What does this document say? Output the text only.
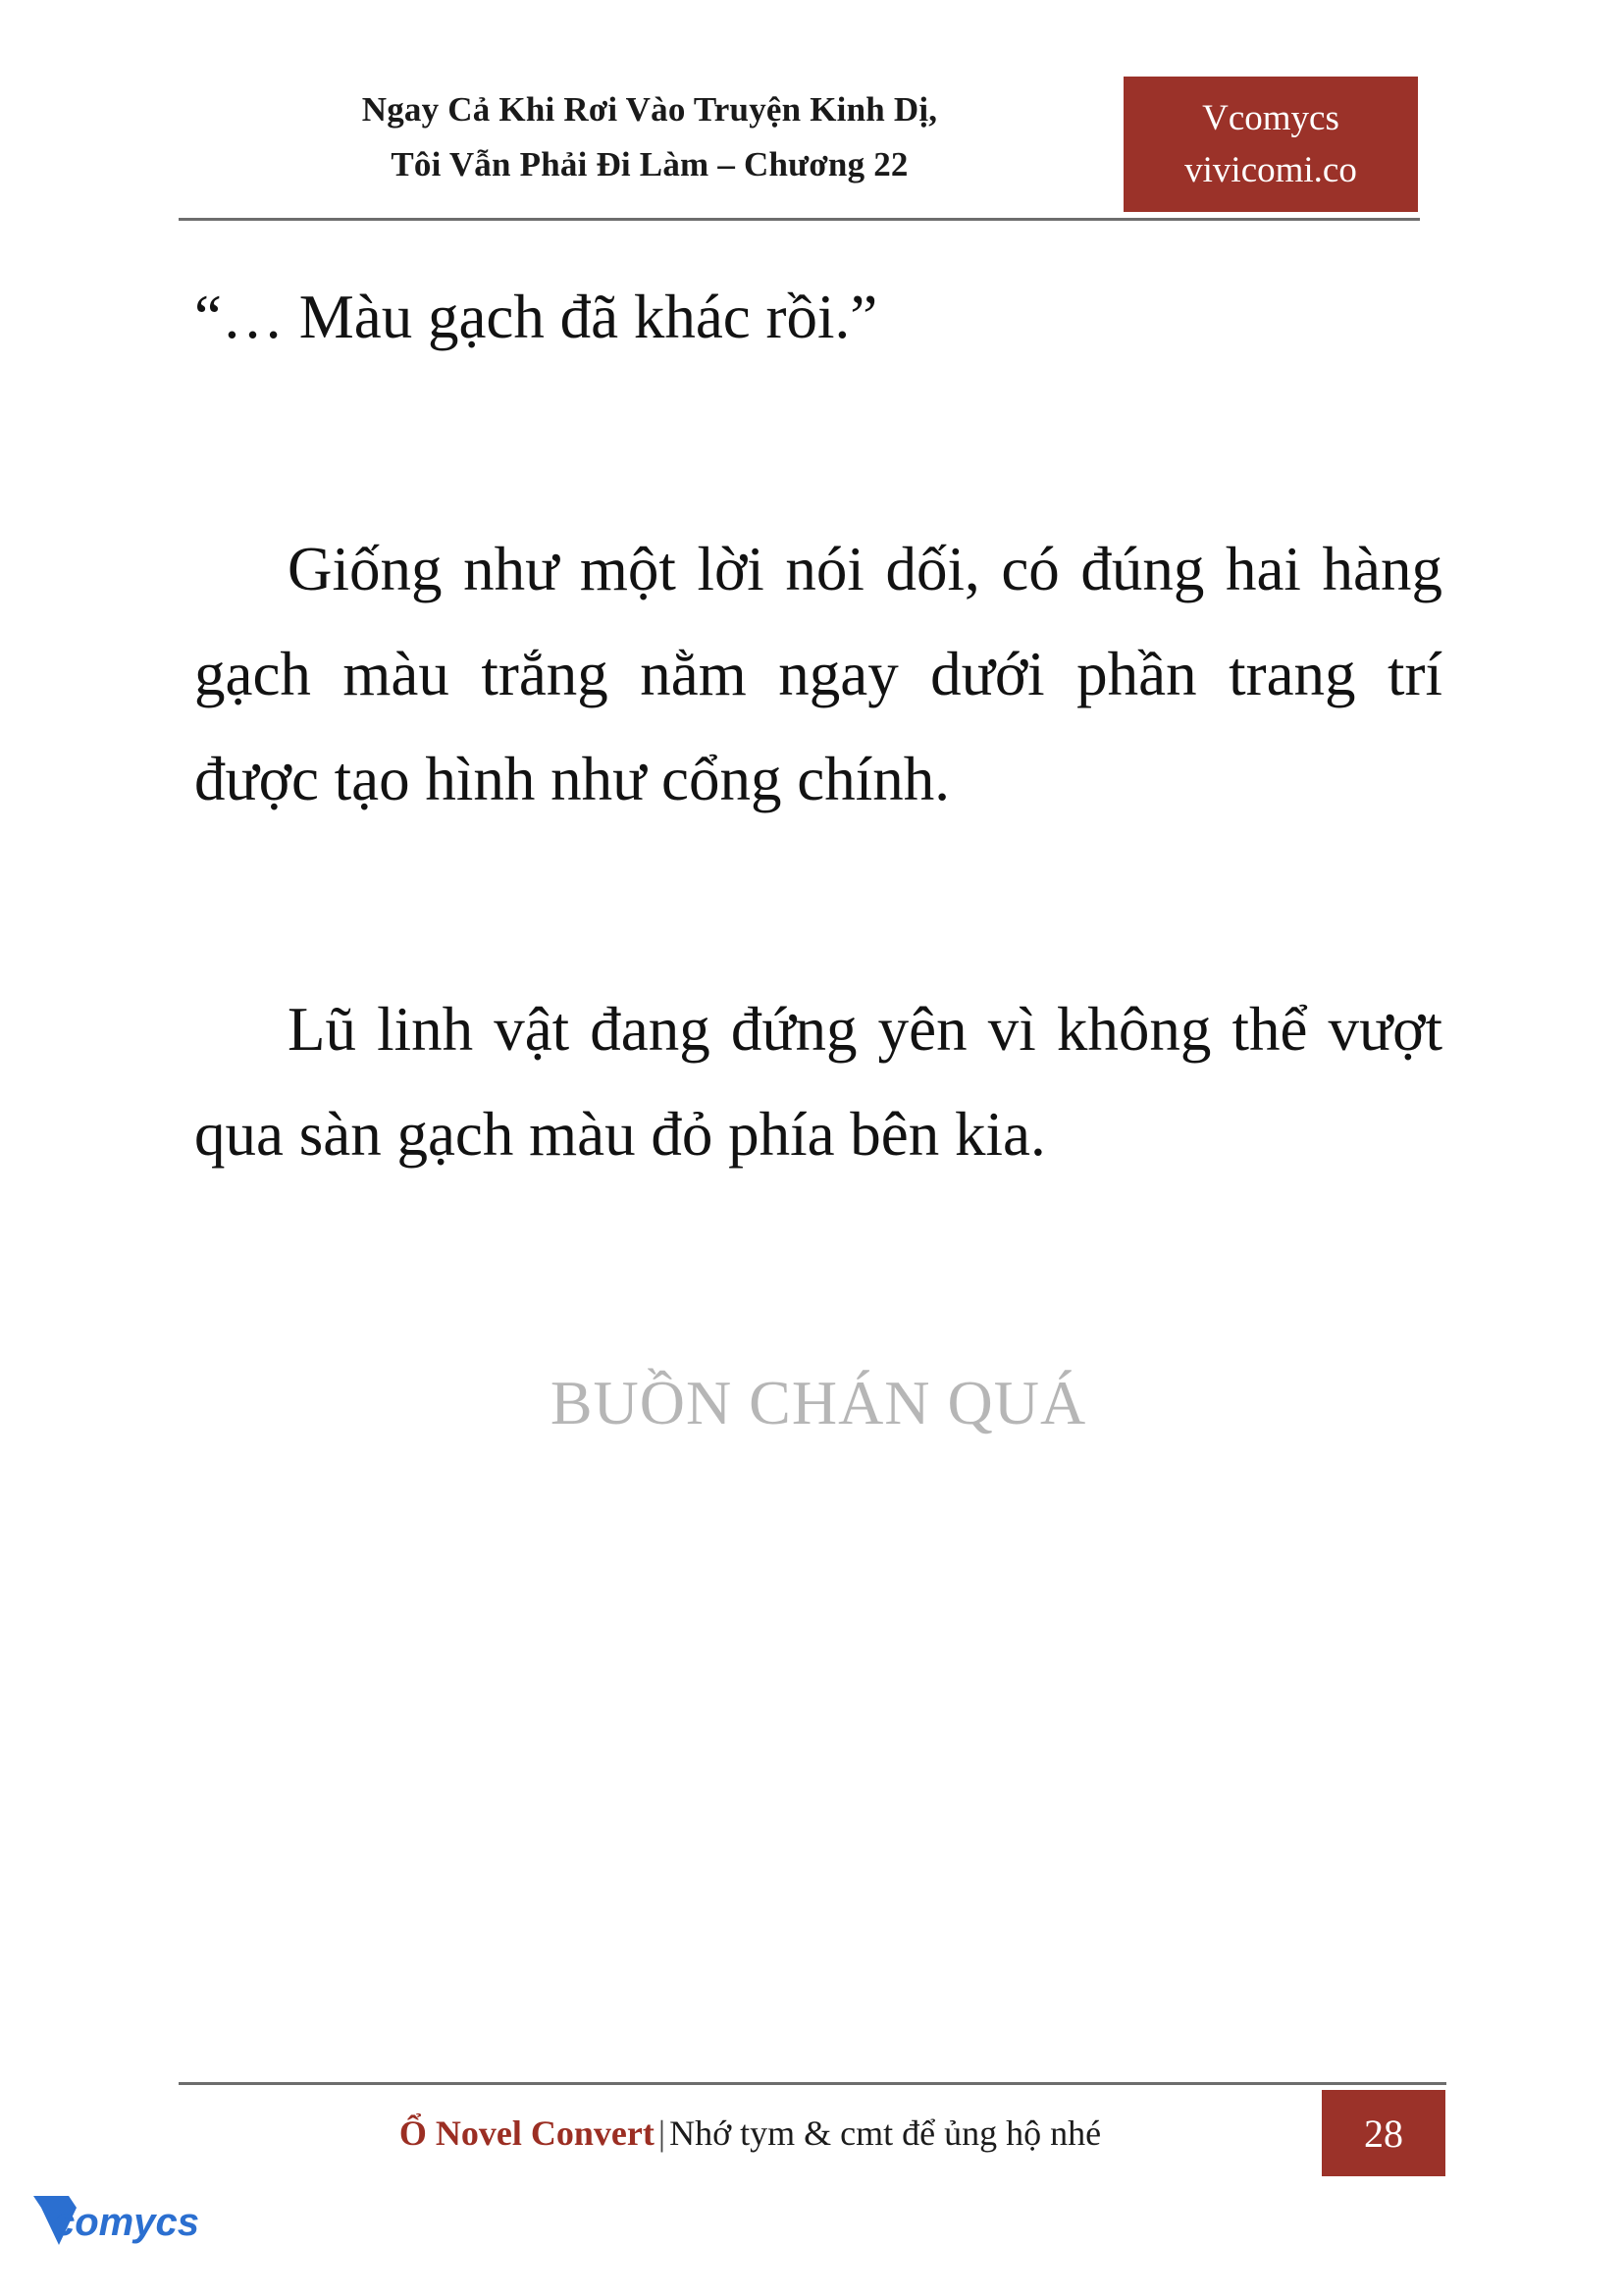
Ngay Cả Khi Rơi Vào Truyện Kinh Dị,
Tôi Vẫn Phải Đi Làm – Chương 22
Vcomycs
vivicomi.co

“… Màu gạch đã khác rồi.”

Giống như một lời nói dối, có đúng hai hàng gạch màu trắng nằm ngay dưới phần trang trí được tạo hình như cổng chính.

Lũ linh vật đang đứng yên vì không thể vượt qua sàn gạch màu đỏ phía bên kia.

BUỒN CHÁN QUÁ
Ổ Novel Convert | Nhớ tym & cmt để ủng hộ nhé	28
comycs
